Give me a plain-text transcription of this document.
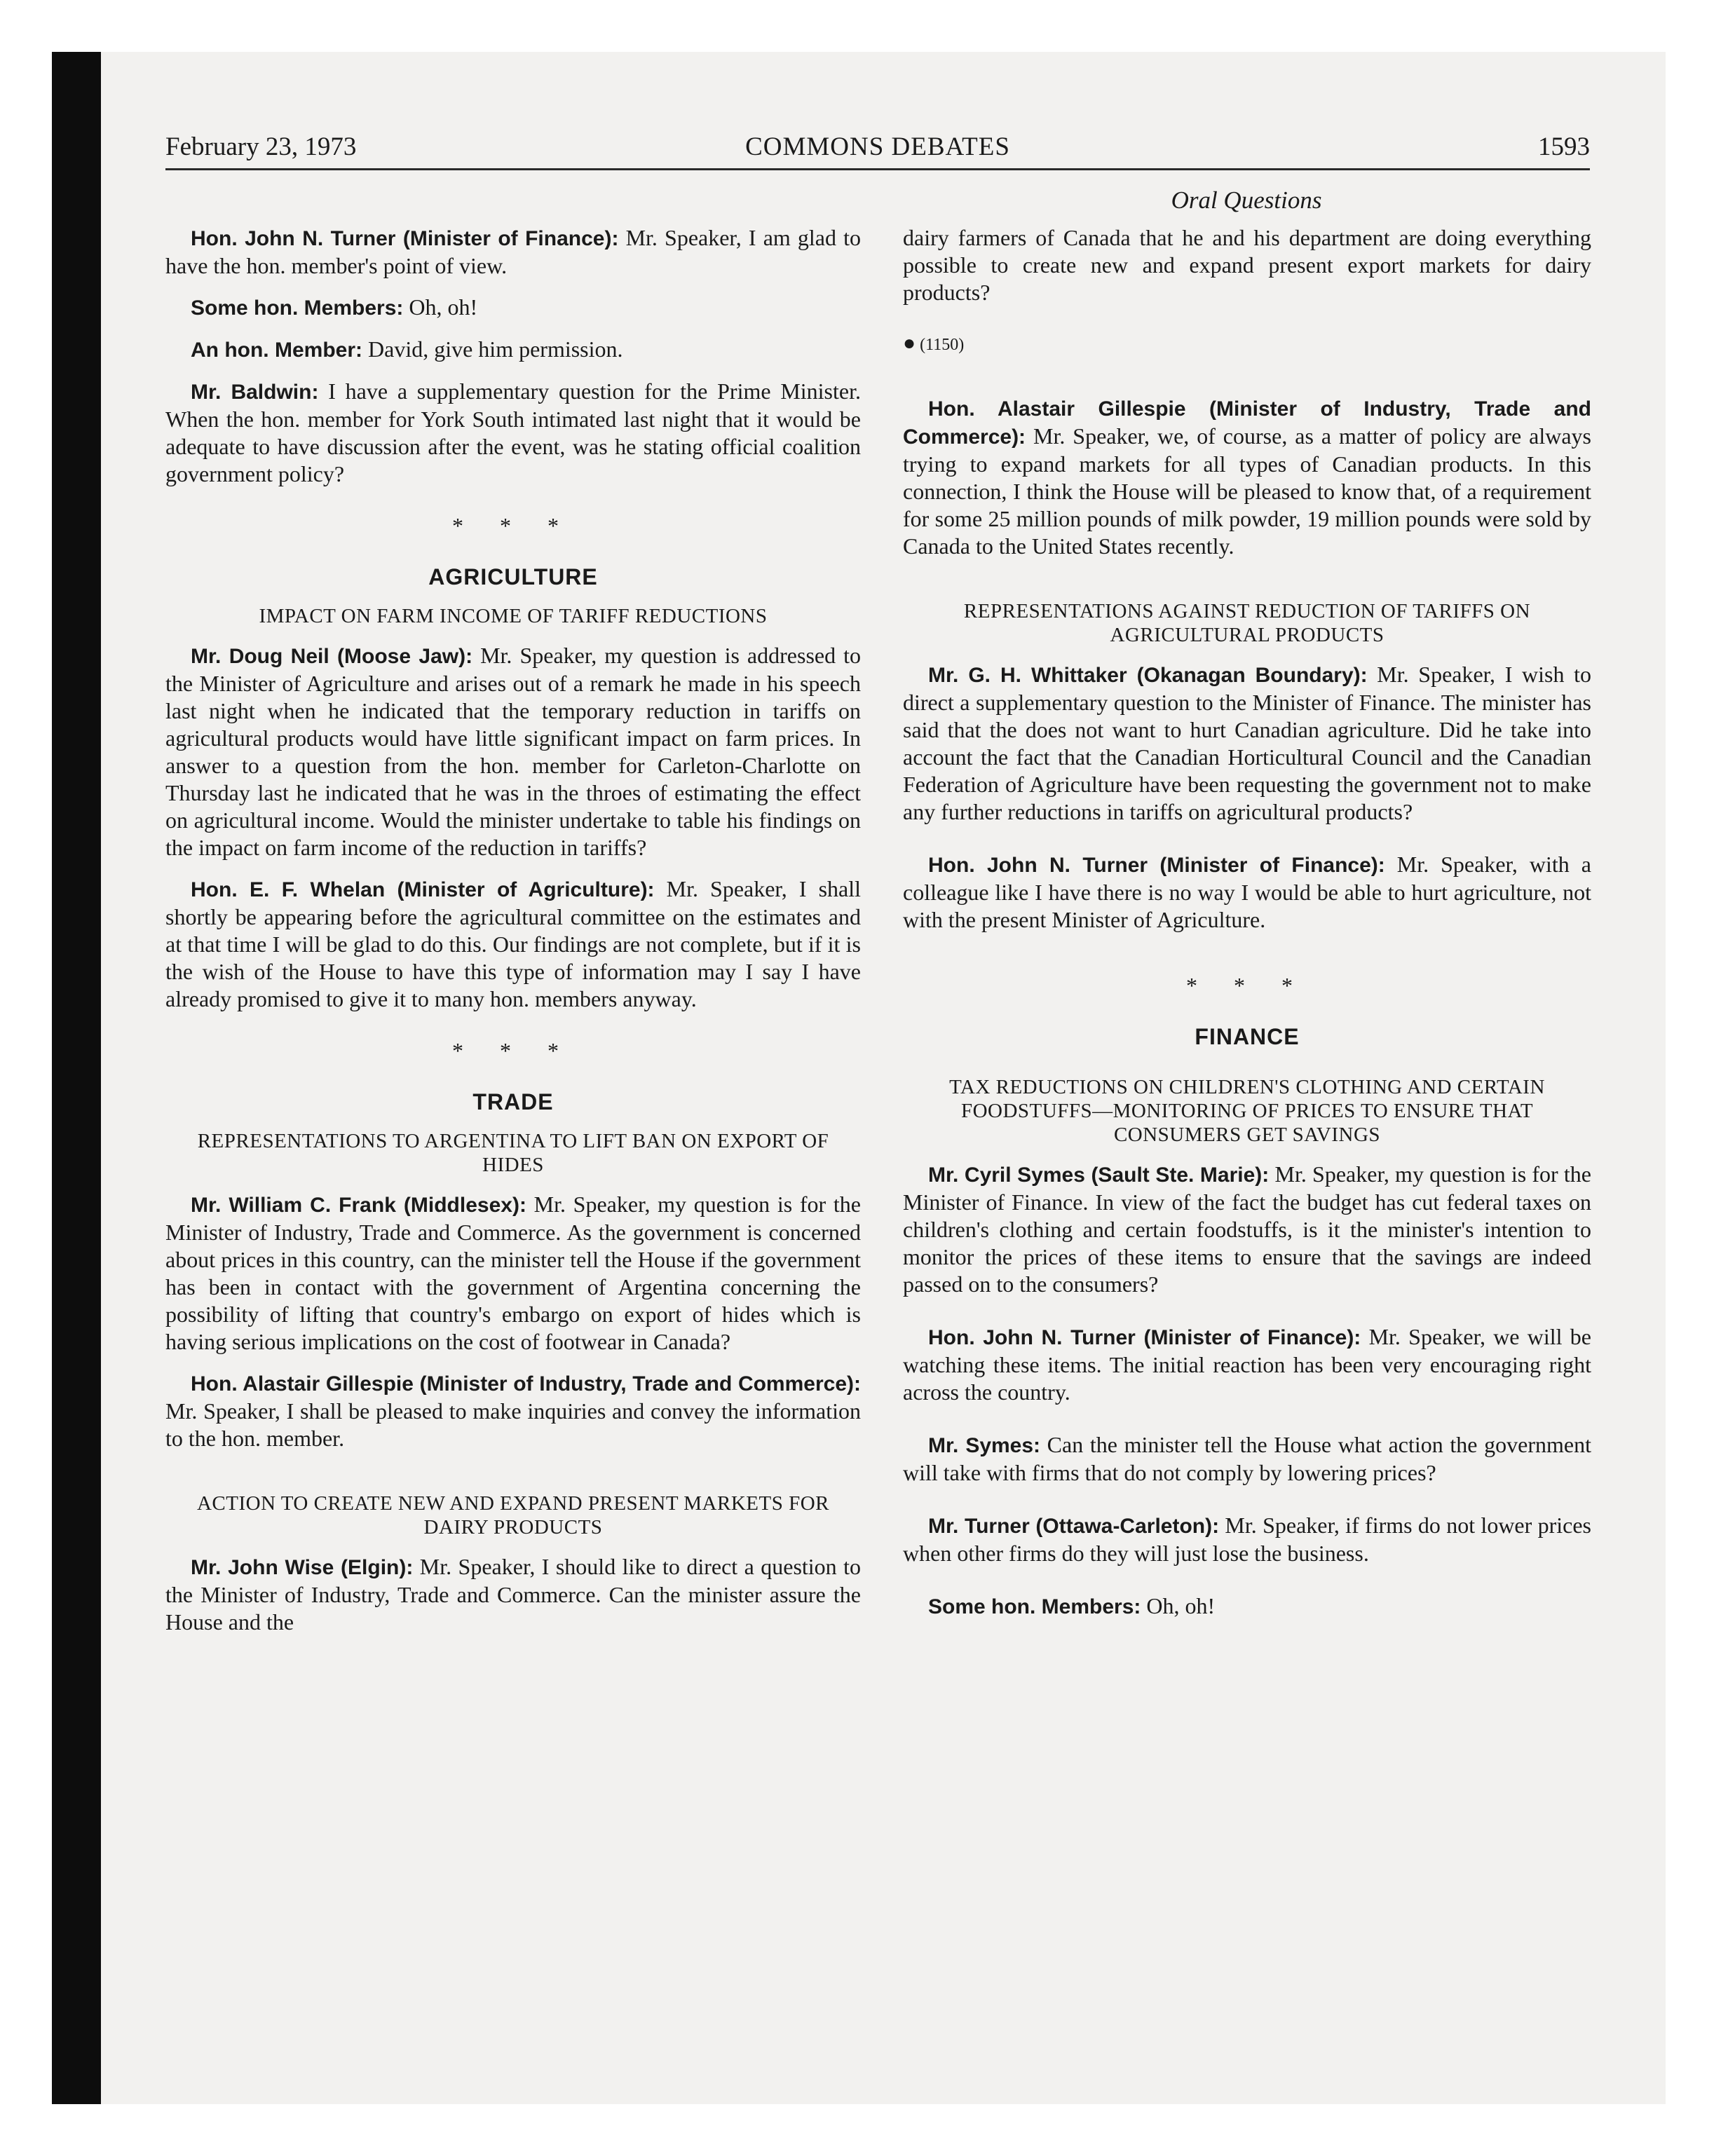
February 23, 1973	COMMONS DEBATES	1593
Oral Questions

Hon. John N. Turner (Minister of Finance): Mr. Speaker, I am glad to have the hon. member's point of view.

Some hon. Members: Oh, oh!

An hon. Member: David, give him permission.

Mr. Baldwin: I have a supplementary question for the Prime Minister. When the hon. member for York South intimated last night that it would be adequate to have discussion after the event, was he stating official coalition government policy?

* * *

AGRICULTURE

IMPACT ON FARM INCOME OF TARIFF REDUCTIONS

Mr. Doug Neil (Moose Jaw): Mr. Speaker, my question is addressed to the Minister of Agriculture and arises out of a remark he made in his speech last night when he indicated that the temporary reduction in tariffs on agricultural products would have little significant impact on farm prices. In answer to a question from the hon. member for Carleton-Charlotte on Thursday last he indicated that he was in the throes of estimating the effect on agricultural income. Would the minister undertake to table his findings on the impact on farm income of the reduction in tariffs?

Hon. E. F. Whelan (Minister of Agriculture): Mr. Speaker, I shall shortly be appearing before the agricultural committee on the estimates and at that time I will be glad to do this. Our findings are not complete, but if it is the wish of the House to have this type of information may I say I have already promised to give it to many hon. members anyway.

* * *

TRADE

REPRESENTATIONS TO ARGENTINA TO LIFT BAN ON EXPORT OF HIDES

Mr. William C. Frank (Middlesex): Mr. Speaker, my question is for the Minister of Industry, Trade and Commerce. As the government is concerned about prices in this country, can the minister tell the House if the government has been in contact with the government of Argentina concerning the possibility of lifting that country's embargo on export of hides which is having serious implications on the cost of footwear in Canada?

Hon. Alastair Gillespie (Minister of Industry, Trade and Commerce): Mr. Speaker, I shall be pleased to make inquiries and convey the information to the hon. member.

ACTION TO CREATE NEW AND EXPAND PRESENT MARKETS FOR DAIRY PRODUCTS

Mr. John Wise (Elgin): Mr. Speaker, I should like to direct a question to the Minister of Industry, Trade and Commerce. Can the minister assure the House and the

dairy farmers of Canada that he and his department are doing everything possible to create new and expand present export markets for dairy products?

● (1150)

Hon. Alastair Gillespie (Minister of Industry, Trade and Commerce): Mr. Speaker, we, of course, as a matter of policy are always trying to expand markets for all types of Canadian products. In this connection, I think the House will be pleased to know that, of a requirement for some 25 million pounds of milk powder, 19 million pounds were sold by Canada to the United States recently.

REPRESENTATIONS AGAINST REDUCTION OF TARIFFS ON AGRICULTURAL PRODUCTS

Mr. G. H. Whittaker (Okanagan Boundary): Mr. Speaker, I wish to direct a supplementary question to the Minister of Finance. The minister has said that the does not want to hurt Canadian agriculture. Did he take into account the fact that the Canadian Horticultural Council and the Canadian Federation of Agriculture have been requesting the government not to make any further reductions in tariffs on agricultural products?

Hon. John N. Turner (Minister of Finance): Mr. Speaker, with a colleague like I have there is no way I would be able to hurt agriculture, not with the present Minister of Agriculture.

* * *

FINANCE

TAX REDUCTIONS ON CHILDREN'S CLOTHING AND CERTAIN FOODSTUFFS—MONITORING OF PRICES TO ENSURE THAT CONSUMERS GET SAVINGS

Mr. Cyril Symes (Sault Ste. Marie): Mr. Speaker, my question is for the Minister of Finance. In view of the fact the budget has cut federal taxes on children's clothing and certain foodstuffs, is it the minister's intention to monitor the prices of these items to ensure that the savings are indeed passed on to the consumers?

Hon. John N. Turner (Minister of Finance): Mr. Speaker, we will be watching these items. The initial reaction has been very encouraging right across the country.

Mr. Symes: Can the minister tell the House what action the government will take with firms that do not comply by lowering prices?

Mr. Turner (Ottawa-Carleton): Mr. Speaker, if firms do not lower prices when other firms do they will just lose the business.

Some hon. Members: Oh, oh!
